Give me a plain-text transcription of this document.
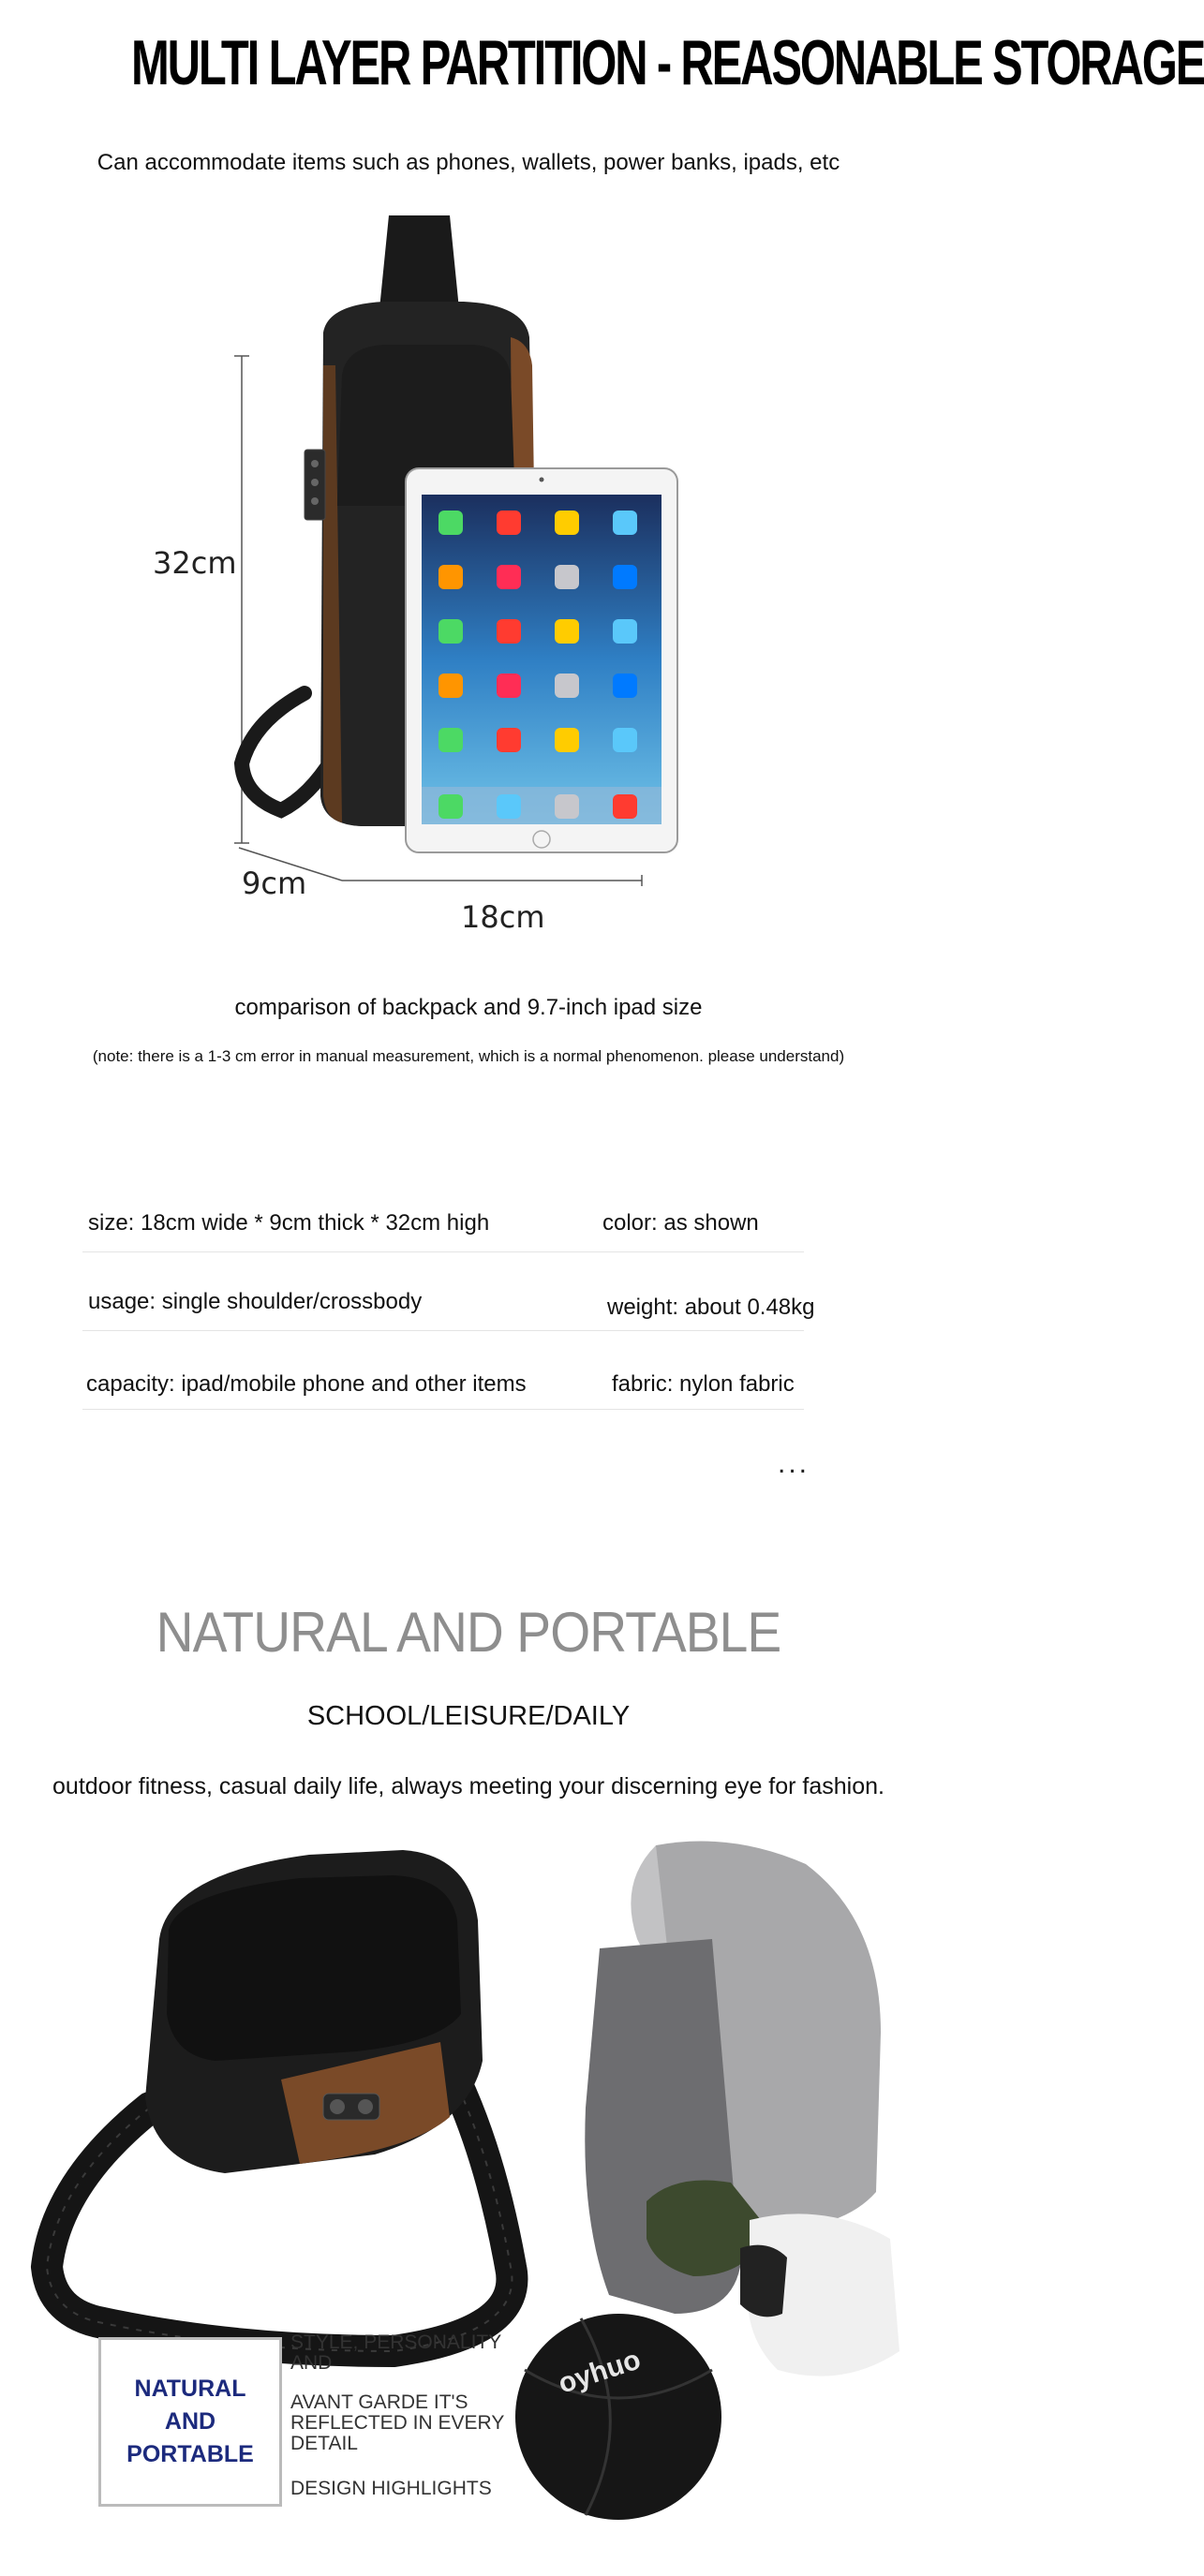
MULTI LAYER PARTITION - REASONABLE STORAGE
Can accommodate items such as phones, wallets, power banks, ipads, etc
32cm
9cm
18cm
comparison of backpack and 9.7-inch ipad size
(note: there is a 1-3 cm error in manual measurement, which is a normal phenomenon. please understand)
size: 18cm wide * 9cm thick * 32cm high	color: as shown
usage: single shoulder/crossbody	weight: about 0.48kg
capacity: ipad/mobile phone and other items	fabric: nylon fabric
...
NATURAL AND PORTABLE
SCHOOL/LEISURE/DAILY
outdoor fitness, casual daily life, always meeting your discerning eye for fashion.
oyhuo
NATURAL
AND
PORTABLE
STYLE, PERSONALITY
AND
AVANT GARDE IT'S
REFLECTED IN EVERY
DETAIL
DESIGN HIGHLIGHTS
